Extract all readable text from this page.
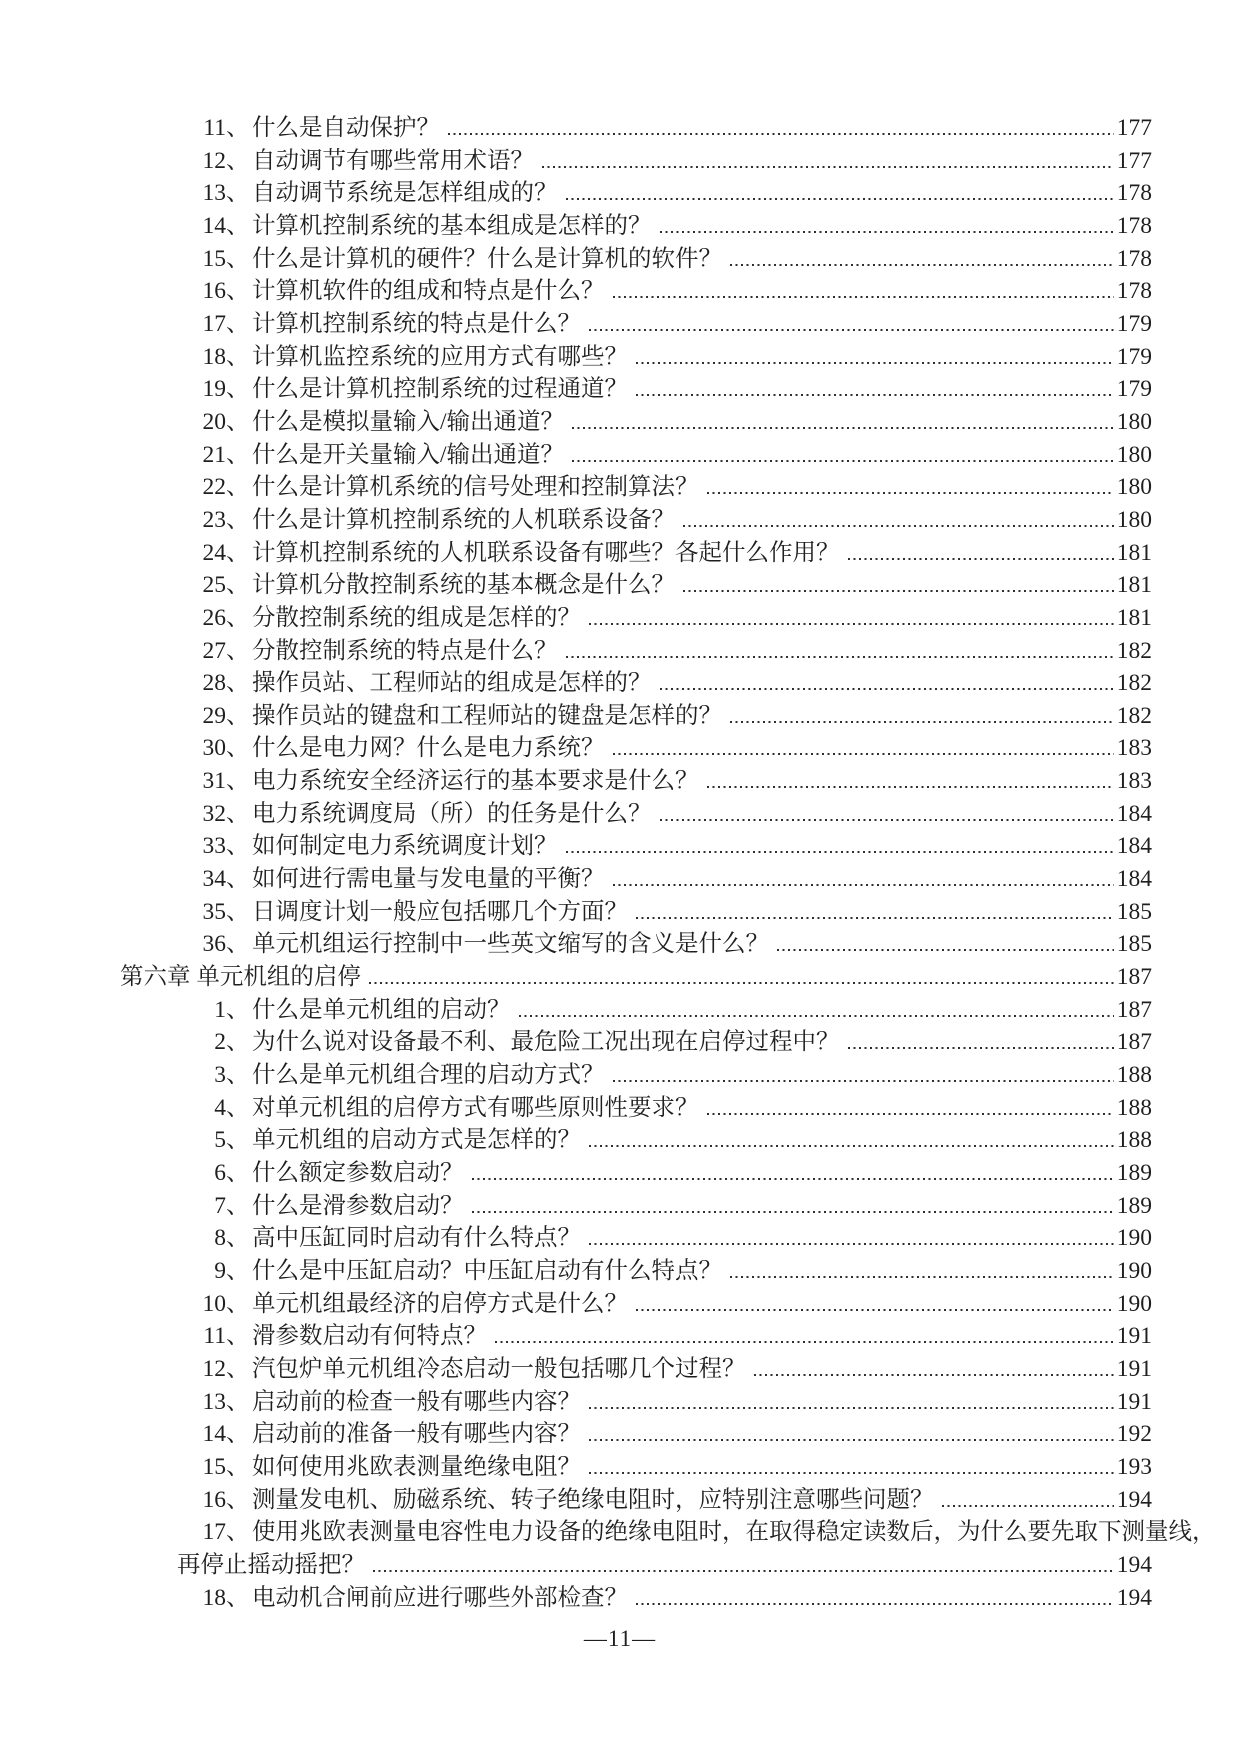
11 、 什么是自动保护？	177
12 、 自动调节有哪些常用术语？	177
13 、 自动调节系统是怎样组成的？	178
14 、 计算机控制系统的基本组成是怎样的？	178
15 、 什么是计算机的硬件？什么是计算机的软件？	178
16 、 计算机软件的组成和特点是什么？	178
17 、 计算机控制系统的特点是什么？	179
18 、 计算机监控系统的应用方式有哪些？	179
19 、 什么是计算机控制系统的过程通道？	179
20 、 什么是模拟量输入/输出通道？	180
21 、 什么是开关量输入/输出通道？	180
22 、 什么是计算机系统的信号处理和控制算法？	180
23 、 什么是计算机控制系统的人机联系设备？	180
24 、 计算机控制系统的人机联系设备有哪些？各起什么作用？	181
25 、 计算机分散控制系统的基本概念是什么？	181
26 、 分散控制系统的组成是怎样的？	181
27 、 分散控制系统的特点是什么？	182
28 、 操作员站、工程师站的组成是怎样的？	182
29 、 操作员站的键盘和工程师站的键盘是怎样的？	182
30 、 什么是电力网？什么是电力系统？	183
31 、 电力系统安全经济运行的基本要求是什么？	183
32 、 电力系统调度局（所）的任务是什么？	184
33 、 如何制定电力系统调度计划？	184
34 、 如何进行需电量与发电量的平衡？	184
35 、 日调度计划一般应包括哪几个方面？	185
36 、 单元机组运行控制中一些英文缩写的含义是什么？	185
第六章 单元机组的启停	187
1 、 什么是单元机组的启动？	187
2 、 为什么说对设备最不利、最危险工况出现在启停过程中？	187
3 、 什么是单元机组合理的启动方式？	188
4 、 对单元机组的启停方式有哪些原则性要求？	188
5 、 单元机组的启动方式是怎样的？	188
6 、 什么额定参数启动？	189
7 、 什么是滑参数启动？	189
8 、 高中压缸同时启动有什么特点？	190
9 、 什么是中压缸启动？中压缸启动有什么特点？	190
10 、 单元机组最经济的启停方式是什么？	190
11 、 滑参数启动有何特点？	191
12 、 汽包炉单元机组冷态启动一般包括哪几个过程？	191
13 、 启动前的检查一般有哪些内容？	191
14 、 启动前的准备一般有哪些内容？	192
15 、 如何使用兆欧表测量绝缘电阻？	193
16 、 测量发电机、励磁系统、转子绝缘电阻时，应特别注意哪些问题？	194
17 、 使用兆欧表测量电容性电力设备的绝缘电阻时，在取得稳定读数后，为什么要先取下测量线，
再停止摇动摇把？	194
18 、 电动机合闸前应进行哪些外部检查？	194
—11—
